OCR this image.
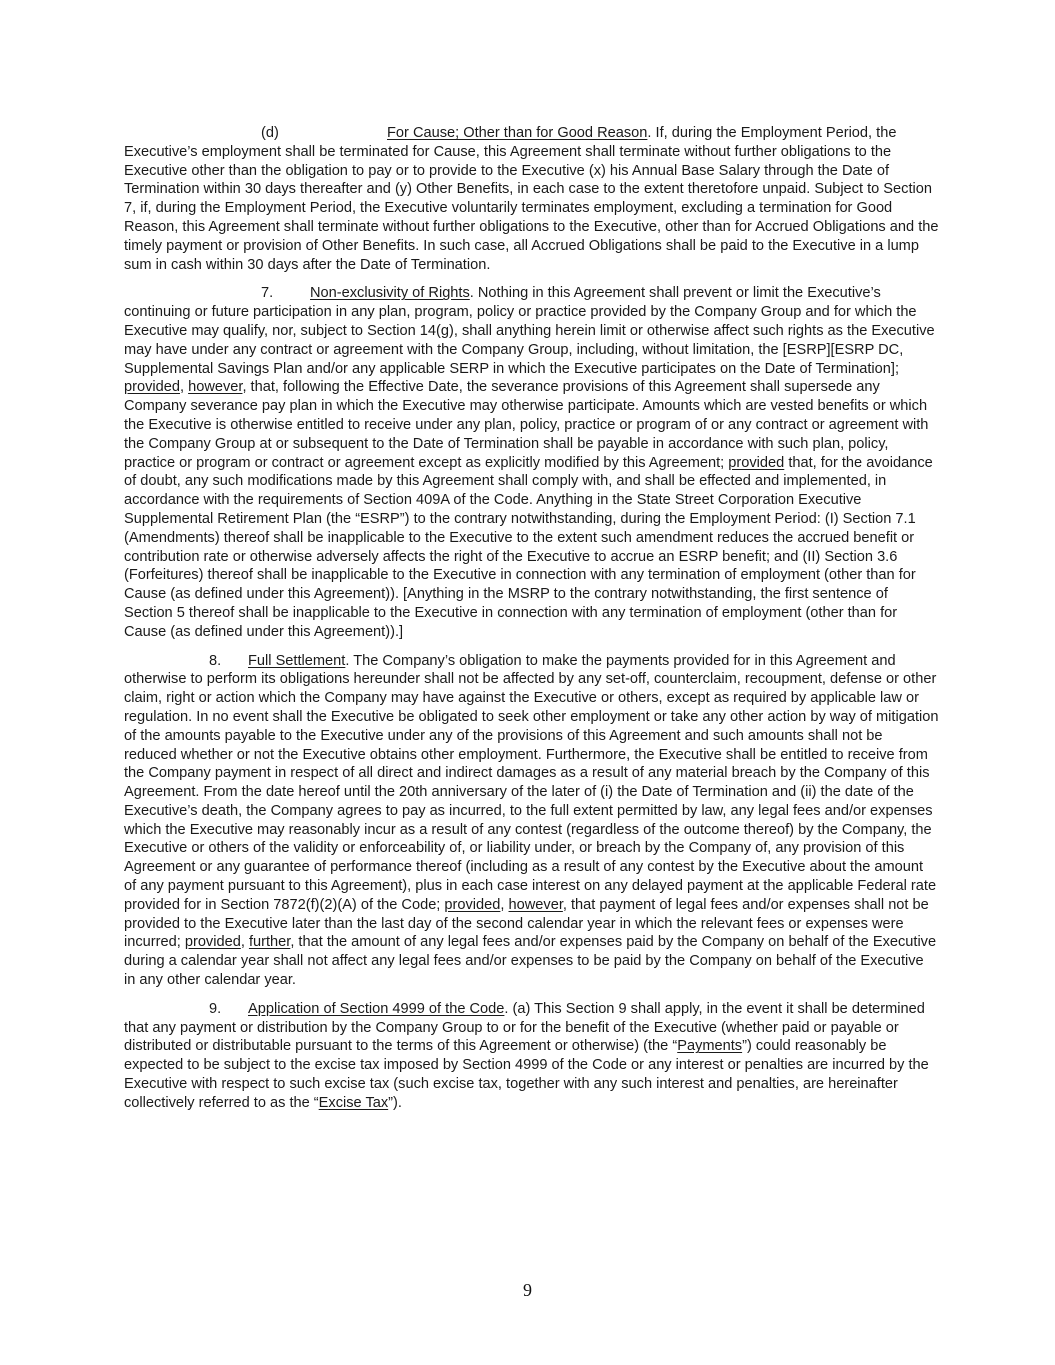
(d)	For Cause; Other than for Good Reason. If, during the Employment Period, the Executive’s employment shall be terminated for Cause, this Agreement shall terminate without further obligations to the Executive other than the obligation to pay or to provide to the Executive (x) his Annual Base Salary through the Date of Termination within 30 days thereafter and (y) Other Benefits, in each case to the extent theretofore unpaid. Subject to Section 7, if, during the Employment Period, the Executive voluntarily terminates employment, excluding a termination for Good Reason, this Agreement shall terminate without further obligations to the Executive, other than for Accrued Obligations and the timely payment or provision of Other Benefits. In such case, all Accrued Obligations shall be paid to the Executive in a lump sum in cash within 30 days after the Date of Termination.

7.	Non-exclusivity of Rights. Nothing in this Agreement shall prevent or limit the Executive’s continuing or future participation in any plan, program, policy or practice provided by the Company Group and for which the Executive may qualify, nor, subject to Section 14(g), shall anything herein limit or otherwise affect such rights as the Executive may have under any contract or agreement with the Company Group, including, without limitation, the [ESRP][ESRP DC, Supplemental Savings Plan and/or any applicable SERP in which the Executive participates on the Date of Termination]; provided, however, that, following the Effective Date, the severance provisions of this Agreement shall supersede any Company severance pay plan in which the Executive may otherwise participate. Amounts which are vested benefits or which the Executive is otherwise entitled to receive under any plan, policy, practice or program of or any contract or agreement with the Company Group at or subsequent to the Date of Termination shall be payable in accordance with such plan, policy, practice or program or contract or agreement except as explicitly modified by this Agreement; provided that, for the avoidance of doubt, any such modifications made by this Agreement shall comply with, and shall be effected and implemented, in accordance with the requirements of Section 409A of the Code. Anything in the State Street Corporation Executive Supplemental Retirement Plan (the “ESRP”) to the contrary notwithstanding, during the Employment Period: (I) Section 7.1 (Amendments) thereof shall be inapplicable to the Executive to the extent such amendment reduces the accrued benefit or contribution rate or otherwise adversely affects the right of the Executive to accrue an ESRP benefit; and (II) Section 3.6 (Forfeitures) thereof shall be inapplicable to the Executive in connection with any termination of employment (other than for Cause (as defined under this Agreement)). [Anything in the MSRP to the contrary notwithstanding, the first sentence of Section 5 thereof shall be inapplicable to the Executive in connection with any termination of employment (other than for Cause (as defined under this Agreement)).]

8. Full Settlement. The Company’s obligation to make the payments provided for in this Agreement and otherwise to perform its obligations hereunder shall not be affected by any set-off, counterclaim, recoupment, defense or other claim, right or action which the Company may have against the Executive or others, except as required by applicable law or regulation. In no event shall the Executive be obligated to seek other employment or take any other action by way of mitigation of the amounts payable to the Executive under any of the provisions of this Agreement and such amounts shall not be reduced whether or not the Executive obtains other employment. Furthermore, the Executive shall be entitled to receive from the Company payment in respect of all direct and indirect damages as a result of any material breach by the Company of this Agreement. From the date hereof until the 20th anniversary of the later of (i) the Date of Termination and (ii) the date of the Executive’s death, the Company agrees to pay as incurred, to the full extent permitted by law, any legal fees and/or expenses which the Executive may reasonably incur as a result of any contest (regardless of the outcome thereof) by the Company, the Executive or others of the validity or enforceability of, or liability under, or breach by the Company of, any provision of this Agreement or any guarantee of performance thereof (including as a result of any contest by the Executive about the amount of any payment pursuant to this Agreement), plus in each case interest on any delayed payment at the applicable Federal rate provided for in Section 7872(f)(2)(A) of the Code; provided, however, that payment of legal fees and/or expenses shall not be provided to the Executive later than the last day of the second calendar year in which the relevant fees or expenses were incurred; provided, further, that the amount of any legal fees and/or expenses paid by the Company on behalf of the Executive during a calendar year shall not affect any legal fees and/or expenses to be paid by the Company on behalf of the Executive in any other calendar year.

9. Application of Section 4999 of the Code. (a) This Section 9 shall apply, in the event it shall be determined that any payment or distribution by the Company Group to or for the benefit of the Executive (whether paid or payable or distributed or distributable pursuant to the terms of this Agreement or otherwise) (the “Payments”) could reasonably be expected to be subject to the excise tax imposed by Section 4999 of the Code or any interest or penalties are incurred by the Executive with respect to such excise tax (such excise tax, together with any such interest and penalties, are hereinafter collectively referred to as the “Excise Tax”).

9
